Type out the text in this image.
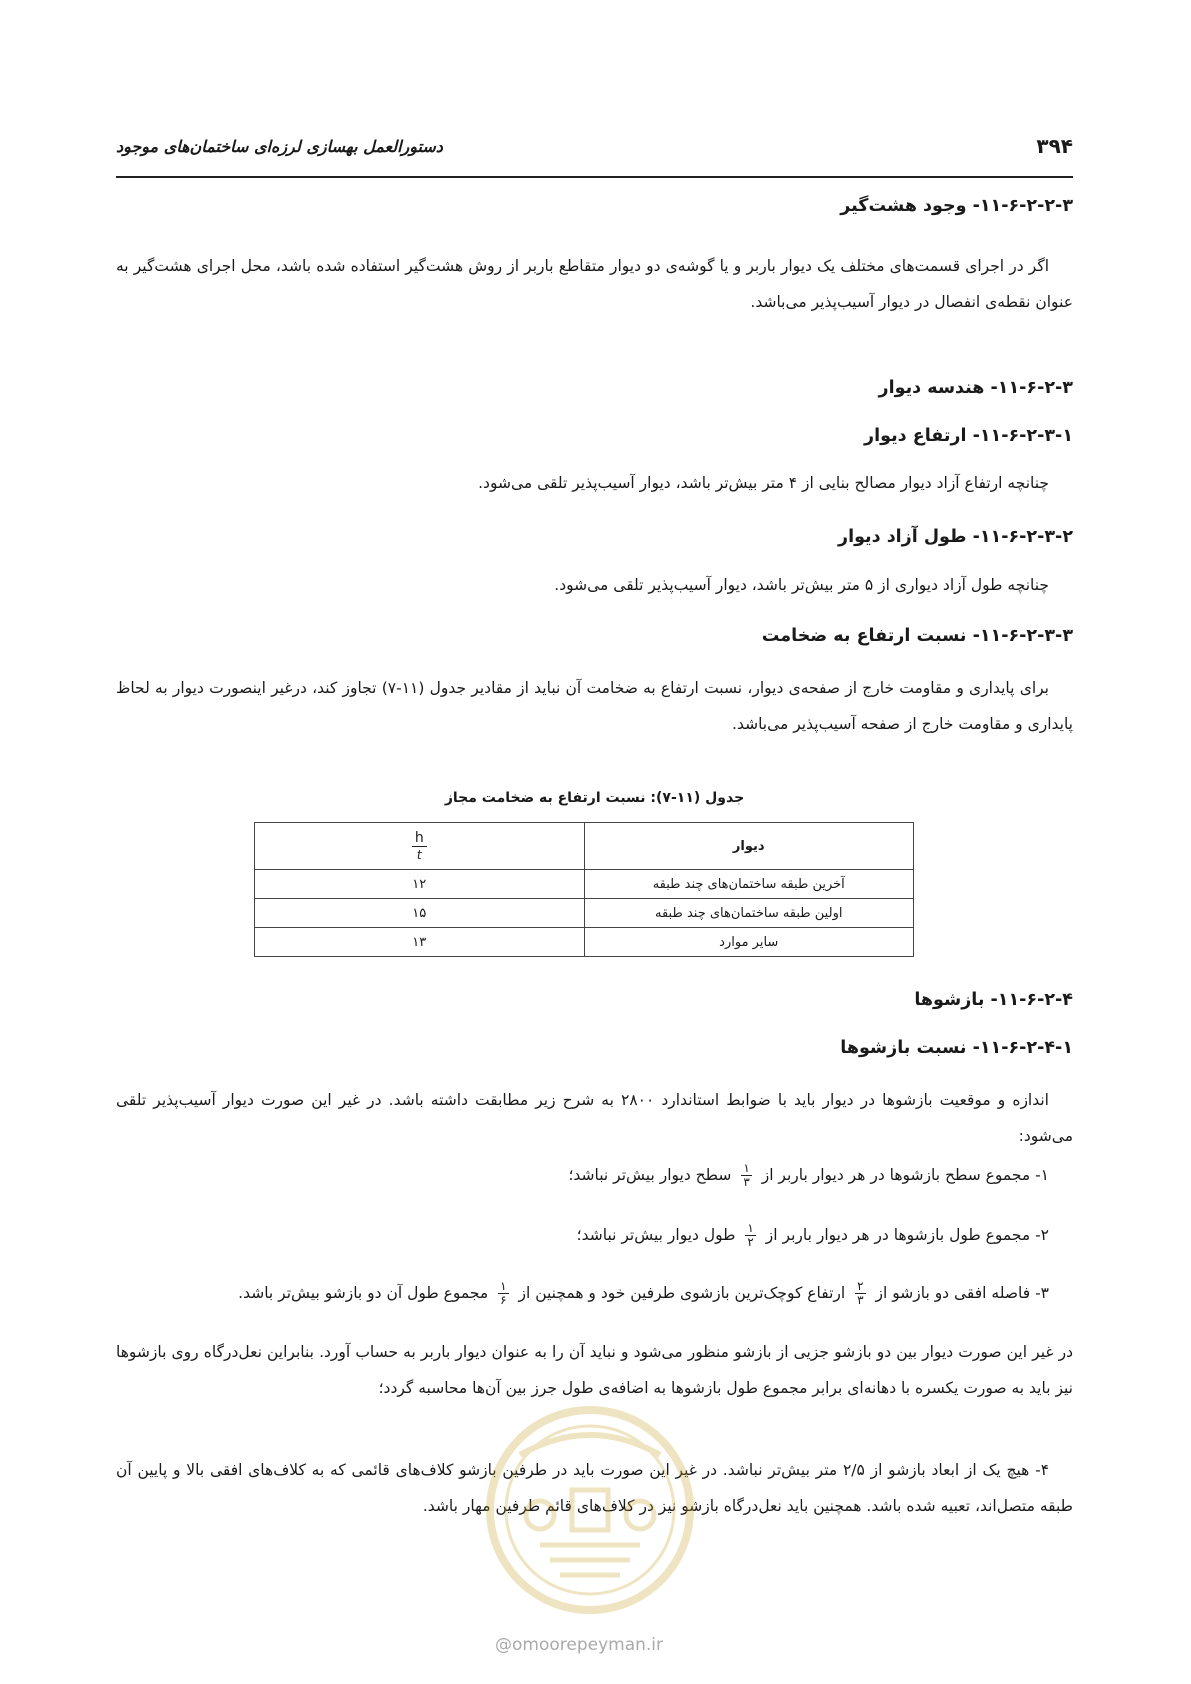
۳۹۴
دستورالعمل بهسازی لرزه‌ای ساختمان‌های موجود
۱۱-۶-۲-۲-۳- وجود هشت‌گیر
اگر در اجرای قسمت‌های مختلف یک دیوار باربر و یا گوشه‌ی دو دیوار متقاطع باربر از روش هشت‌گیر استفاده شده باشد، محل اجرای هشت‌گیر به عنوان نقطه‌ی انفصال در دیوار آسیب‌پذیر می‌باشد.
۱۱-۶-۲-۳- هندسه دیوار
۱۱-۶-۲-۳-۱- ارتفاع دیوار
چنانچه ارتفاع آزاد دیوار مصالح بنایی از ۴ متر بیش‌تر باشد، دیوار آسیب‌پذیر تلقی می‌شود.
۱۱-۶-۲-۳-۲- طول آزاد دیوار
چنانچه طول آزاد دیواری از ۵ متر بیش‌تر باشد، دیوار آسیب‌پذیر تلقی می‌شود.
۱۱-۶-۲-۳-۳- نسبت ارتفاع به ضخامت
برای پایداری و مقاومت خارج از صفحه‌ی دیوار، نسبت ارتفاع به ضخامت آن نباید از مقادیر جدول (۱۱-۷) تجاوز کند، درغیر اینصورت دیوار به لحاظ پایداری و مقاومت خارج از صفحه آسیب‌پذیر می‌باشد.
۱۱-۶-۲-۴- بازشوها
۱۱-۶-۲-۴-۱- نسبت بازشوها
اندازه و موقعیت بازشوها در دیوار باید با ضوابط استاندارد ۲۸۰۰ به شرح زیر مطابقت داشته باشد. در غیر این صورت دیوار آسیب‌پذیر تلقی می‌شود:
۱- مجموع سطح بازشوها در هر دیوار باربر از
$\frac{۱}{۳}$
سطح دیوار بیش‌تر نباشد؛
۲- مجموع طول بازشوها در هر دیوار باربر از
$\frac{۱}{۲}$
طول دیوار بیش‌تر نباشد؛
۳- فاصله افقی دو بازشو از
$\frac{۲}{۳}$
ارتفاع کوچک‌ترین بازشوی طرفین خود و همچنین از
$\frac{۱}{۶}$
مجموع طول آن دو بازشو بیش‌تر باشد.
در غیر این صورت دیوار بین دو بازشو جزیی از بازشو منظور می‌شود و نباید آن را به عنوان دیوار باربر به حساب آورد. بنابراین نعل‌درگاه روی بازشوها نیز باید به صورت یکسره با دهانه‌ای برابر مجموع طول بازشوها به اضافه‌ی طول جرز بین آن‌ها محاسبه گردد؛
۴- هیچ یک از ابعاد بازشو از ۲/۵ متر بیش‌تر نباشد. در غیر این صورت باید در طرفین بازشو کلاف‌های قائمی که به کلاف‌های افقی بالا و پایین آن طبقه متصل‌اند، تعبیه شده باشد. همچنین باید نعل‌درگاه بازشو نیز در کلاف‌های قائم طرفین مهار باشد.
جدول (۱۱-۷): نسبت ارتفاع به ضخامت مجاز
دیوار	$\frac{h}{t}$

آخرین طبقه ساختمان‌های چند طبقه	۱۲
اولین طبقه ساختمان‌های چند طبقه	۱۵
سایر موارد	۱۳
@omoorepeyman.ir
